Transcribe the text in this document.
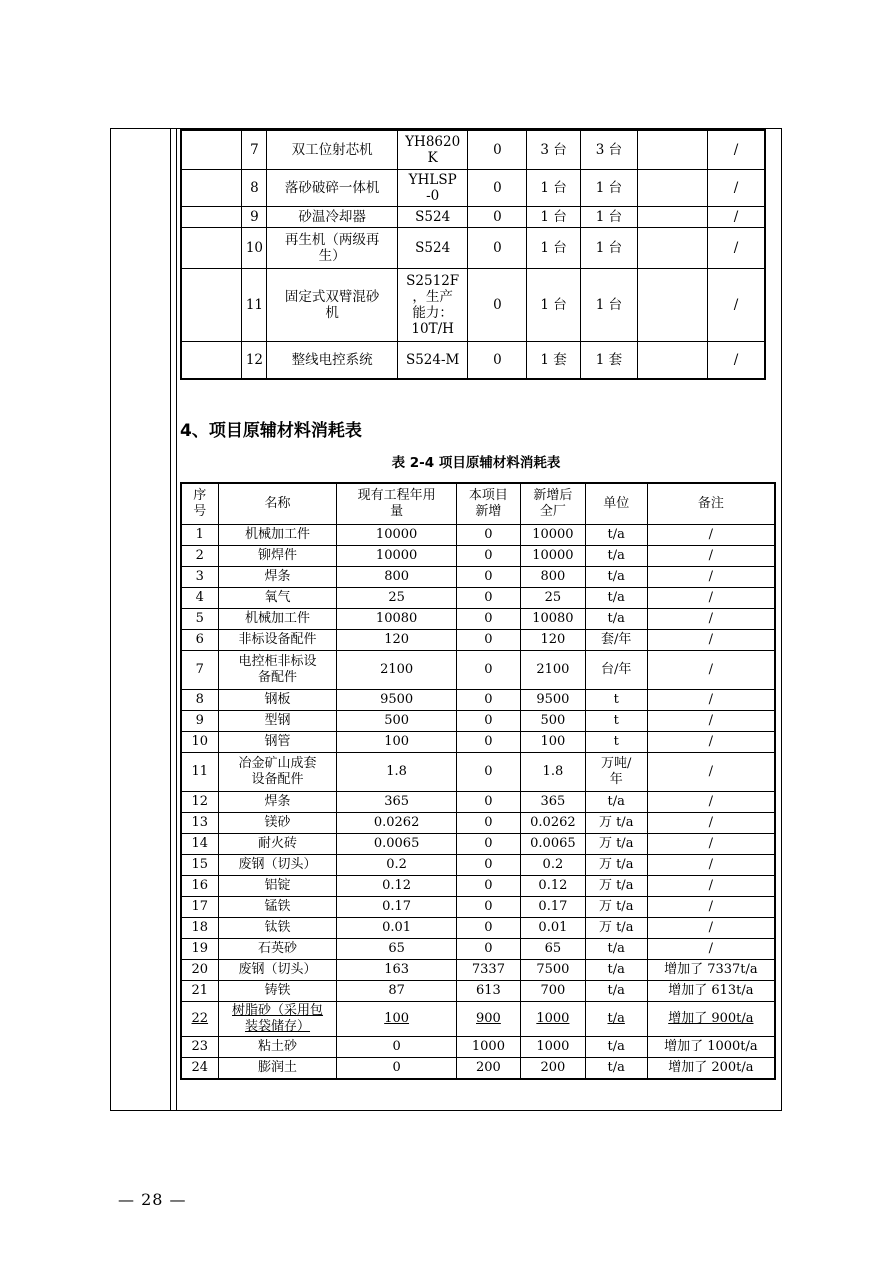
	7	双工位射芯机	YH8620
K	0	3 台	3 台		/
	8	落砂破碎一体机	YHLSP
-0	0	1 台	1 台		/
	9	砂温冷却器	S524	0	1 台	1 台		/
	10	再生机（两级再
生）	S524	0	1 台	1 台		/
	11	固定式双臂混砂
机	S2512F
，生产
能力：
10T/H	0	1 台	1 台		/
	12	整线电控系统	S524-M	0	1 套	1 套		/
4、项目原辅材料消耗表
表 2-4 项目原辅材料消耗表
序
号	名称	现有工程年用
量	本项目
新增	新增后
全厂	单位	备注
1	机械加工件	10000	0	10000	t/a	/
2	铆焊件	10000	0	10000	t/a	/
3	焊条	800	0	800	t/a	/
4	氧气	25	0	25	t/a	/
5	机械加工件	10080	0	10080	t/a	/
6	非标设备配件	120	0	120	套/年	/
7	电控柜非标设
备配件	2100	0	2100	台/年	/
8	钢板	9500	0	9500	t	/
9	型钢	500	0	500	t	/
10	钢管	100	0	100	t	/
11	冶金矿山成套
设备配件	1.8	0	1.8	万吨/
年	/
12	焊条	365	0	365	t/a	/
13	镁砂	0.0262	0	0.0262	万 t/a	/
14	耐火砖	0.0065	0	0.0065	万 t/a	/
15	废钢（切头）	0.2	0	0.2	万 t/a	/
16	铝锭	0.12	0	0.12	万 t/a	/
17	锰铁	0.17	0	0.17	万 t/a	/
18	钛铁	0.01	0	0.01	万 t/a	/
19	石英砂	65	0	65	t/a	/
20	废钢（切头）	163	7337	7500	t/a	增加了 7337t/a
21	铸铁	87	613	700	t/a	增加了 613t/a
22	树脂砂（采用包
装袋储存）	100	900	1000	t/a	增加了 900t/a
23	粘土砂	0	1000	1000	t/a	增加了 1000t/a
24	膨润土	0	200	200	t/a	增加了 200t/a
— 28 —
